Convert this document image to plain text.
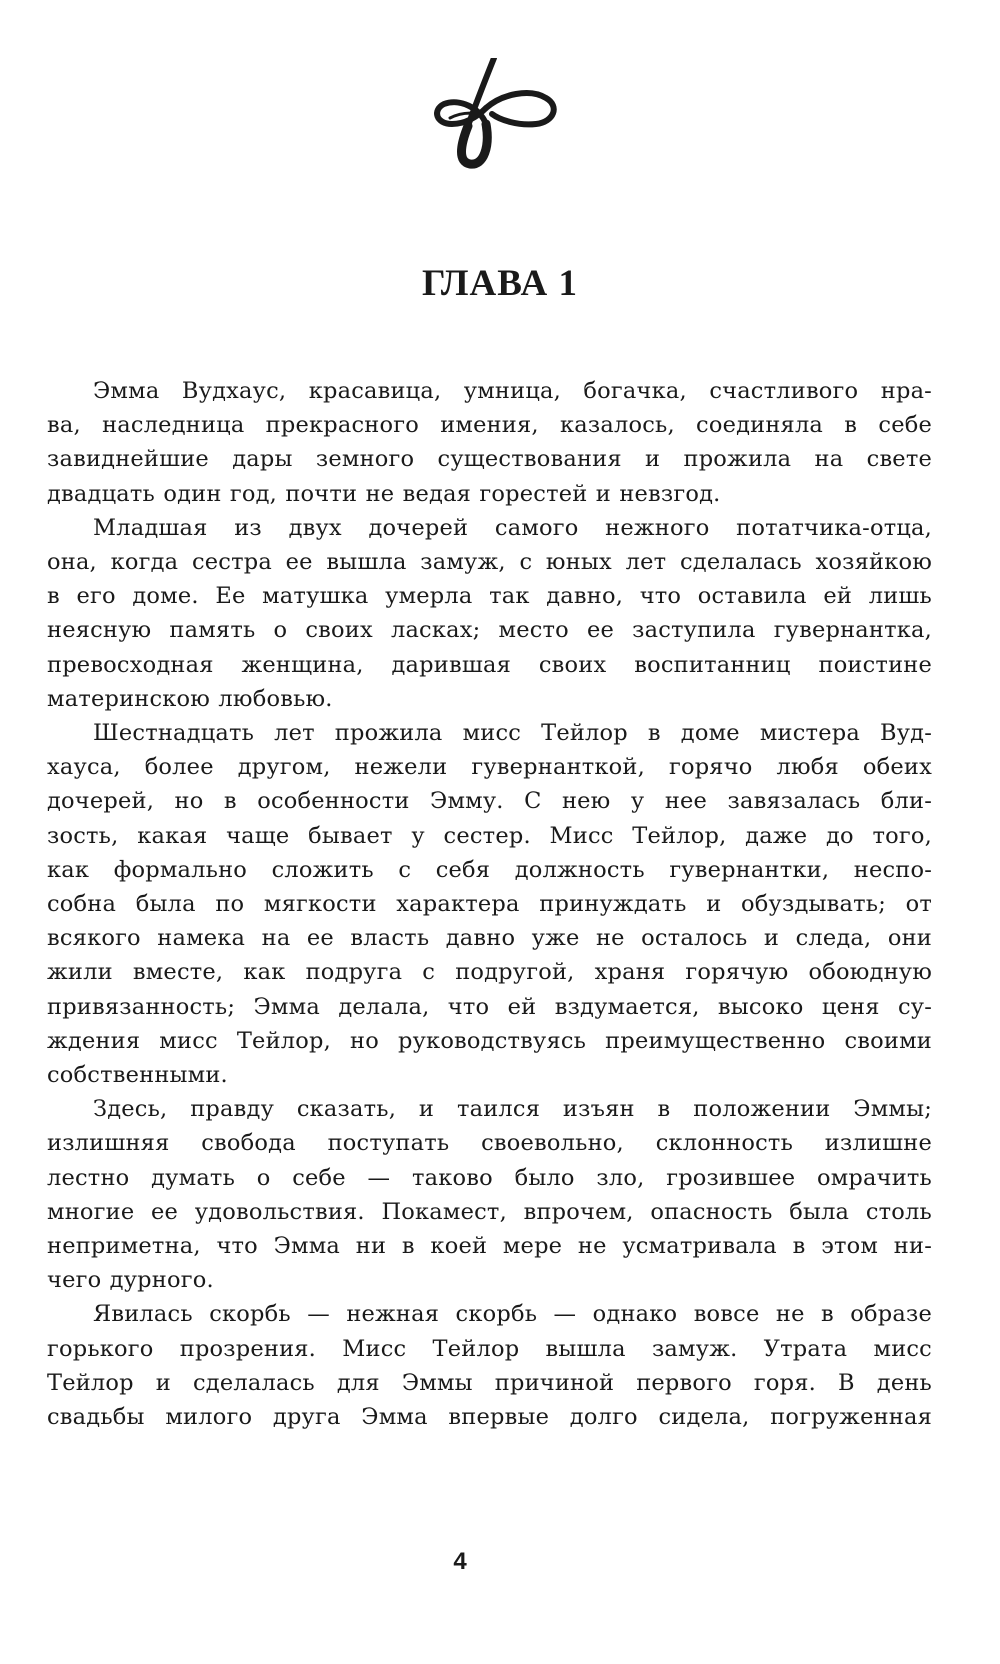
ГЛАВА 1

Эмма Вудхаус, красавица, умница, богачка, счастливого нра-
ва, наследница прекрасного имения, казалось, соединяла в себе
завиднейшие дары земного существования и прожила на свете
двадцать один год, почти не ведая горестей и невзгод.

Младшая из двух дочерей самого нежного потатчика-отца,
она, когда сестра ее вышла замуж, с юных лет сделалась хозяйкою
в его доме. Ее матушка умерла так давно, что оставила ей лишь
неясную память о своих ласках; место ее заступила гувернантка,
превосходная женщина, дарившая своих воспитанниц поистине
материнскою любовью.

Шестнадцать лет прожила мисс Тейлор в доме мистера Вуд-
хауса, более другом, нежели гувернанткой, горячо любя обеих
дочерей, но в особенности Эмму. С нею у нее завязалась бли-
зость, какая чаще бывает у сестер. Мисс Тейлор, даже до того,
как формально сложить с себя должность гувернантки, неспо-
собна была по мягкости характера принуждать и обуздывать; от
всякого намека на ее власть давно уже не осталось и следа, они
жили вместе, как подруга с подругой, храня горячую обоюдную
привязанность; Эмма делала, что ей вздумается, высоко ценя су-
ждения мисс Тейлор, но руководствуясь преимущественно своими
собственными.

Здесь, правду сказать, и таился изъян в положении Эммы;
излишняя свобода поступать своевольно, склонность излишне
лестно думать о себе — таково было зло, грозившее омрачить
многие ее удовольствия. Покамест, впрочем, опасность была столь
неприметна, что Эмма ни в коей мере не усматривала в этом ни-
чего дурного.

Явилась скорбь — нежная скорбь — однако вовсе не в образе
горького прозрения. Мисс Тейлор вышла замуж. Утрата мисс
Тейлор и сделалась для Эммы причиной первого горя. В день
свадьбы милого друга Эмма впервые долго сидела, погруженная

4
